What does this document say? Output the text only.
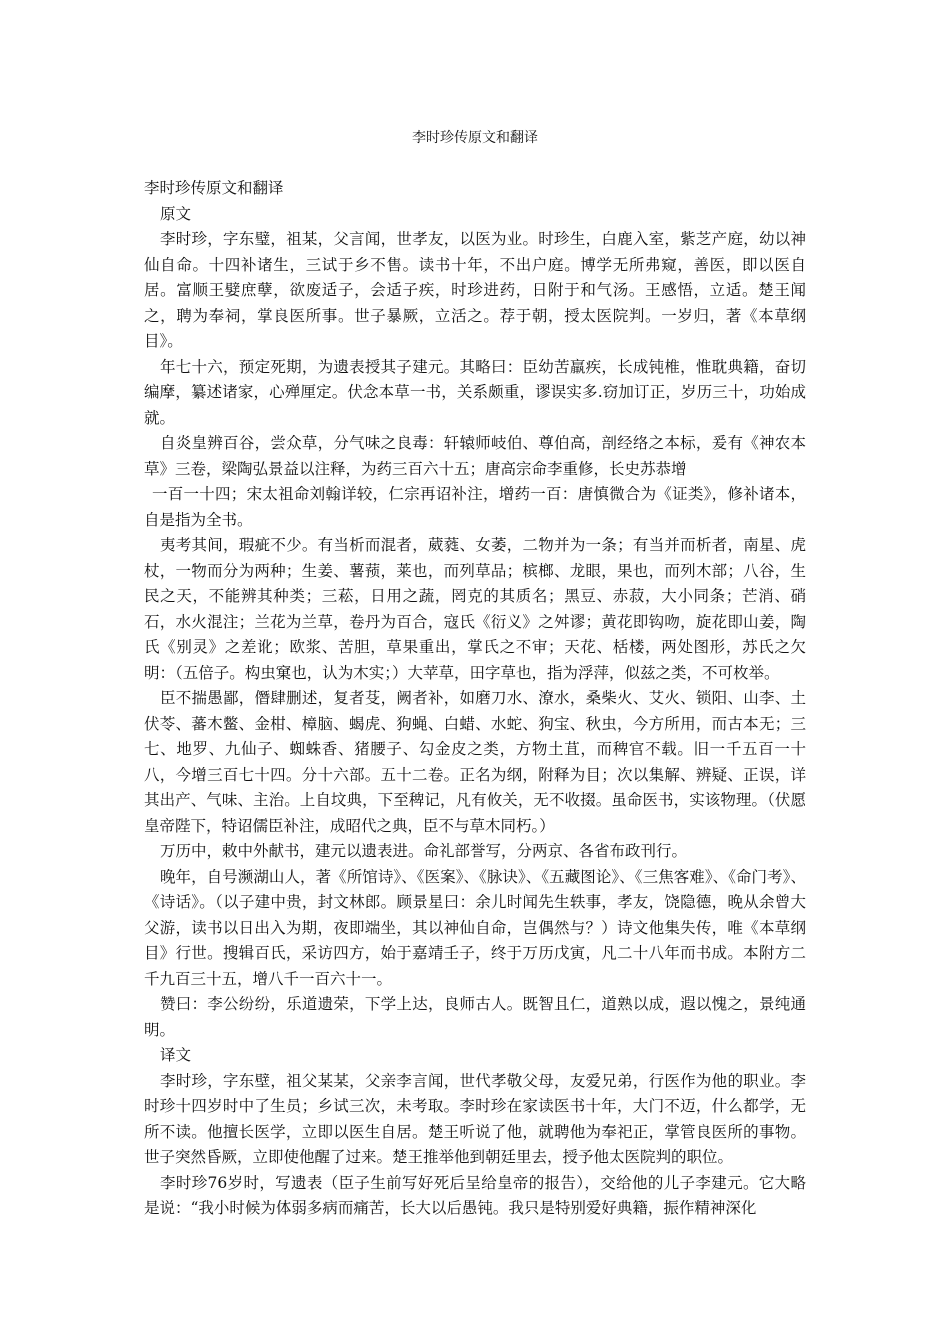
李时珍传原文和翻译

李时珍传原文和翻译

原文

李时珍，字东璧，祖某，父言闻，世孝友，以医为业。时珍生，白鹿入室，紫芝产庭，幼以神仙自命。十四补诸生，三试于乡不售。读书十年，不出户庭。博学无所弗窥，善医，即以医自居。富顺王嬖庶孽，欲废适子，会适子疾，时珍进药，日附于和气汤。王感悟，立适。楚王闻之，聘为奉祠，掌良医所事。世子暴厥，立活之。荐于朝，授太医院判。一岁归，著《本草纲目》。

年七十六，预定死期，为遗表授其子建元。其略曰：臣幼苦羸疾，长成钝椎，惟耽典籍，奋切编摩，纂述诸家，心殚厘定。伏念本草一书，关系颇重，谬误实多.窃加订正，岁历三十，功始成就。

自炎皇辨百谷，尝众草，分气味之良毒：轩辕师岐伯、尊伯高，剖经络之本标，爰有《神农本草》三卷，梁陶弘景益以注释，为药三百六十五；唐高宗命李重修，长史苏恭增

一百一十四；宋太祖命刘翰详较，仁宗再诏补注，增药一百：唐慎微合为《证类》，修补诸本，自是指为全书。

夷考其间，瑕疵不少。有当析而混者，葳蕤、女萎，二物并为一条；有当并而析者，南星、虎杖，一物而分为两种；生姜、薯蓣，莱也，而列草品；槟榔、龙眼，果也，而列木部；八谷，生民之天，不能辨其种类；三菘，日用之蔬，罔克的其质名；黑豆、赤菽，大小同条；芒消、硝石，水火混注；兰花为兰草，卷丹为百合，寇氏《衍义》之舛谬；黄花即钩吻，旋花即山姜，陶氏《别灵》之差讹；欧浆、苦胆，草果重出，掌氏之不审；天花、栝楼，两处图形，苏氏之欠明：（五倍子。构虫窠也，认为木实；）大苹草，田字草也，指为浮萍，似兹之类，不可枚举。

臣不揣愚鄙，僭肆删述，复者芟，阙者补，如磨刀水、潦水，桑柴火、艾火、锁阳、山李、土伏苓、蕃木鳖、金柑、樟脑、蝎虎、狗蝇、白蜡、水蛇、狗宝、秋虫，今方所用，而古本无；三七、地罗、九仙子、蜘蛛香、猪腰子、勾金皮之类，方物土苴，而稗官不载。旧一千五百一十八，今增三百七十四。分十六部。五十二卷。正名为纲，附释为目；次以集解、辨疑、正误，详其出产、气味、主治。上自坟典，下至稗记，凡有攸关，无不收掇。虽命医书，实该物理。（伏愿皇帝陛下，特诏儒臣补注，成昭代之典，臣不与草木同朽。）

万历中，敕中外献书，建元以遗表进。命礼部誉写，分两京、各省布政刊行。

晚年，自号濒湖山人，著《所馆诗》、《医案》、《脉诀》、《五藏图论》、《三焦客难》、《命门考》、《诗话》。（以子建中贵，封文林郎。顾景星曰：余儿时闻先生轶事，孝友，饶隐德，晚从余曾大父游，读书以日出入为期，夜即端坐，其以神仙自命，岂偶然与？）诗文他集失传，唯《本草纲目》行世。搜辑百氏，采访四方，始于嘉靖壬子，终于万历戊寅，凡二十八年而书成。本附方二千九百三十五，增八千一百六十一。

赞曰：李公纷纷，乐道遗荣，下学上达，良师古人。既智且仁，道熟以成，遐以愧之，景纯通明。

译文

李时珍，字东壁，祖父某某，父亲李言闻，世代孝敬父母，友爱兄弟，行医作为他的职业。李时珍十四岁时中了生员；乡试三次，未考取。李时珍在家读医书十年，大门不迈，什么都学，无所不读。他擅长医学，立即以医生自居。楚王听说了他，就聘他为奉祀正，掌管良医所的事物。世子突然昏厥，立即使他醒了过来。楚王推举他到朝廷里去，授予他太医院判的职位。

李时珍76岁时，写遗表（臣子生前写好死后呈给皇帝的报告），交给他的儿子李建元。它大略是说：“我小时候为体弱多病而痛苦，长大以后愚钝。我只是特别爱好典籍，振作精神深化
